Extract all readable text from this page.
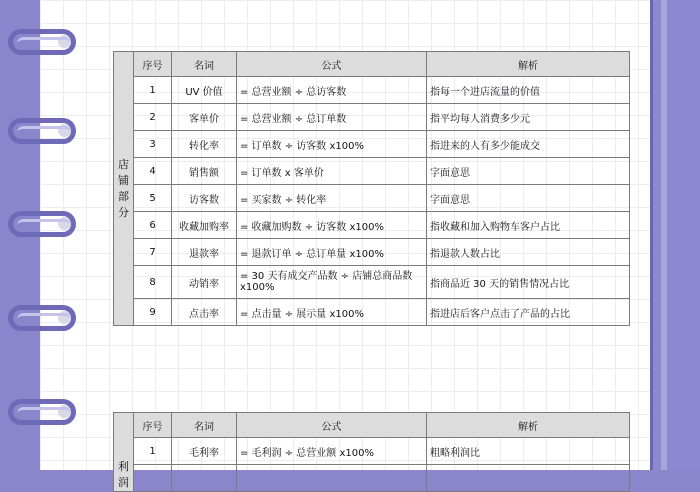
店
铺
部
分	序号	名词	公式	解析
	1	UV 价值	= 总营业额 ÷ 总访客数	指每一个进店流量的价值
	2	客单价	= 总营业额 ÷ 总订单数	指平均每人消费多少元
	3	转化率	= 订单数 ÷ 访客数 x100%	指进来的人有多少能成交
	4	销售额	= 订单数 x 客单价	字面意思
	5	访客数	= 买家数 ÷ 转化率	字面意思
	6	收藏加购率	= 收藏加购数 ÷ 访客数 x100%	指收藏和加入购物车客户占比
	7	退款率	= 退款订单 ÷ 总订单量 x100%	指退款人数占比
	8	动销率	= 30 天有成交产品数 ÷ 店铺总商品数 x100%	指商品近 30 天的销售情况占比
	9	点击率	= 点击量 ÷ 展示量 x100%	指进店后客户点击了产品的占比
利
润	序号	名词	公式	解析
	1	毛利率	= 毛利润 ÷ 总营业额 x100%	粗略利润比
